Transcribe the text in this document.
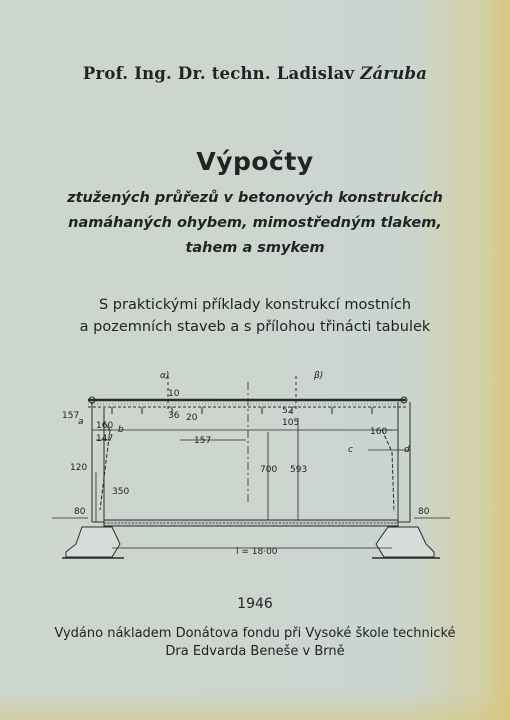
Prof. Ing. Dr. techn. Ladislav Záruba
Výpočty
ztužených průřezů v betonových konstrukcích
namáhaných ohybem, mimostředným tlakem,
tahem a smykem
S praktickými příklady konstrukcí mostních
a pozemních staveb a s přílohou třinácti tabulek
α)	β)
10
157
a 160 b
147
36 20
157
52
105
c
160
d
120
350
700 593
80	80
l = 18·00
1946
Vydáno nákladem Donátova fondu při Vysoké škole technické
Dra Edvarda Beneše v Brně
